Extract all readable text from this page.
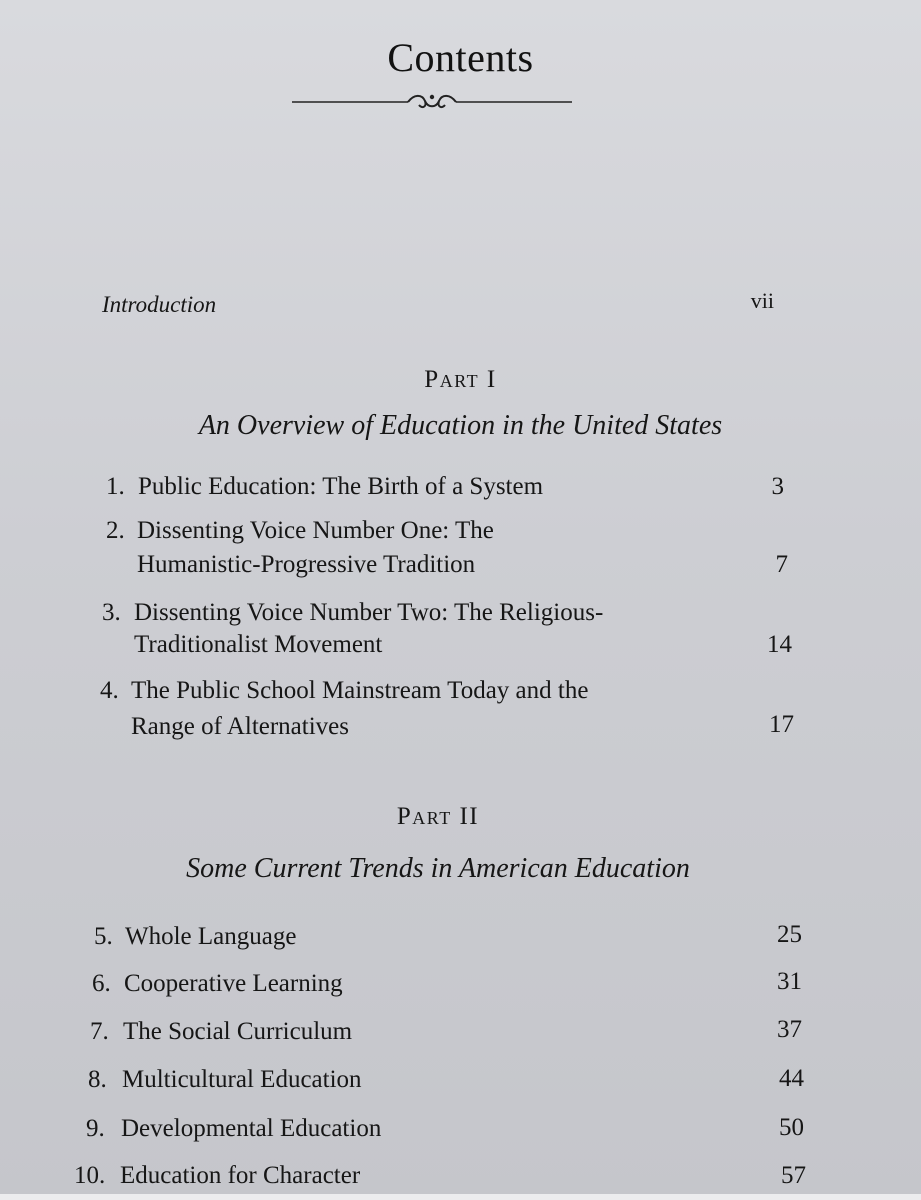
Contents
Introduction	vii
Part I
An Overview of Education in the United States
1. Public Education: The Birth of a System	3
2. Dissenting Voice Number One: The
Humanistic-Progressive Tradition	7
3. Dissenting Voice Number Two: The Religious-
Traditionalist Movement	14
4. The Public School Mainstream Today and the
Range of Alternatives	17
Part II
Some Current Trends in American Education
5. Whole Language	25
6. Cooperative Learning	31
7. The Social Curriculum	37
8. Multicultural Education	44
9. Developmental Education	50
10. Education for Character	57
